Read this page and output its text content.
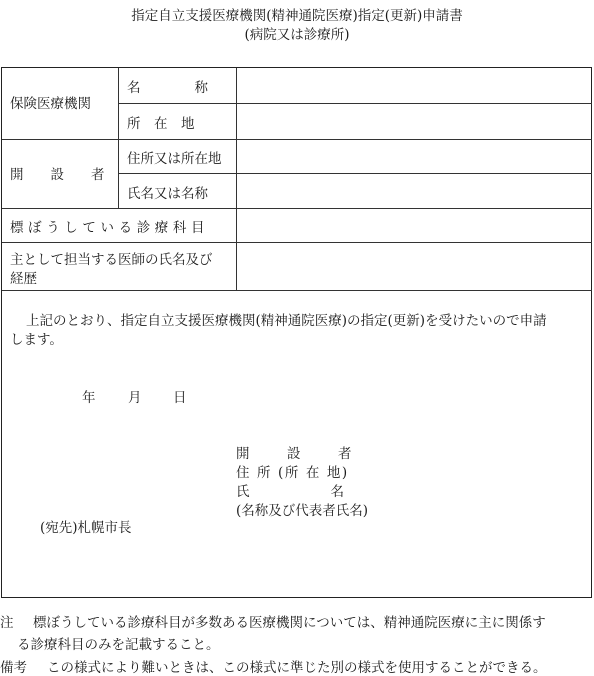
指定自立支援医療機関(精神通院医療)指定(更新)申請書
(病院又は診療所)
保険医療機関
名　　　　称
所　在　地
開　　設　　者
住所又は所在地
氏名又は名称
標ぼうしている診療科目
主として担当する医師の氏名及び
経歴
上記のとおり、指定自立支援医療機関(精神通院医療)の指定(更新)を受けたいので申請
します。
年 月 日
開　　設　　者
住 所 (所 在 地)
氏　　　　　　名
(名称及び代表者氏名)
(宛先)札幌市長
注 標ぼうしている診療科目が多数ある医療機関については、精神通院医療に主に関係す
る診療科目のみを記載すること。
備考 この様式により難いときは、この様式に準じた別の様式を使用することができる。
